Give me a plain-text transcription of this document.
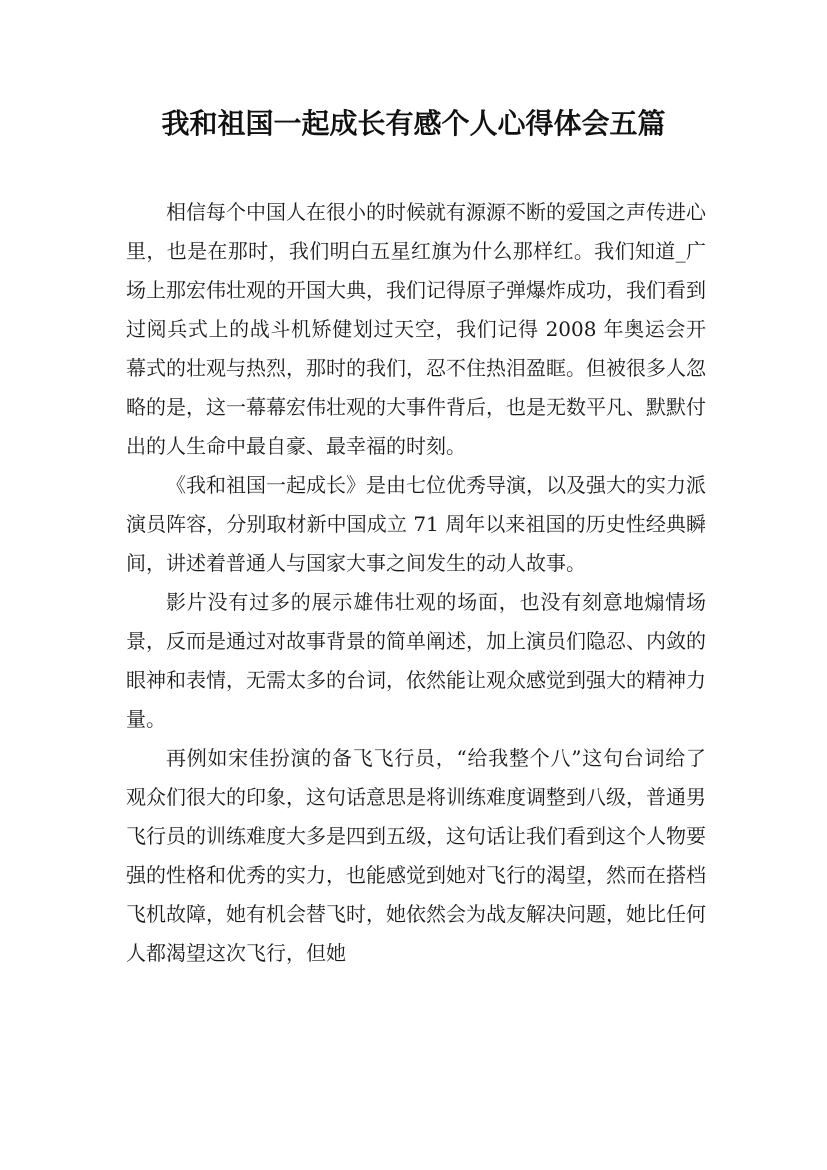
我和祖国一起成长有感个人心得体会五篇

相信每个中国人在很小的时候就有源源不断的爱国之声传进心里，也是在那时，我们明白五星红旗为什么那样红。我们知道_广场上那宏伟壮观的开国大典，我们记得原子弹爆炸成功，我们看到过阅兵式上的战斗机矫健划过天空，我们记得 2008 年奥运会开幕式的壮观与热烈，那时的我们，忍不住热泪盈眶。但被很多人忽略的是，这一幕幕宏伟壮观的大事件背后，也是无数平凡、默默付出的人生命中最自豪、最幸福的时刻。

《我和祖国一起成长》是由七位优秀导演，以及强大的实力派演员阵容，分别取材新中国成立 71 周年以来祖国的历史性经典瞬间，讲述着普通人与国家大事之间发生的动人故事。

影片没有过多的展示雄伟壮观的场面，也没有刻意地煽情场景，反而是通过对故事背景的简单阐述，加上演员们隐忍、内敛的眼神和表情，无需太多的台词，依然能让观众感觉到强大的精神力量。

再例如宋佳扮演的备飞飞行员，“给我整个八”这句台词给了观众们很大的印象，这句话意思是将训练难度调整到八级，普通男飞行员的训练难度大多是四到五级，这句话让我们看到这个人物要强的性格和优秀的实力，也能感觉到她对飞行的渴望，然而在搭档飞机故障，她有机会替飞时，她依然会为战友解决问题，她比任何人都渴望这次飞行，但她
